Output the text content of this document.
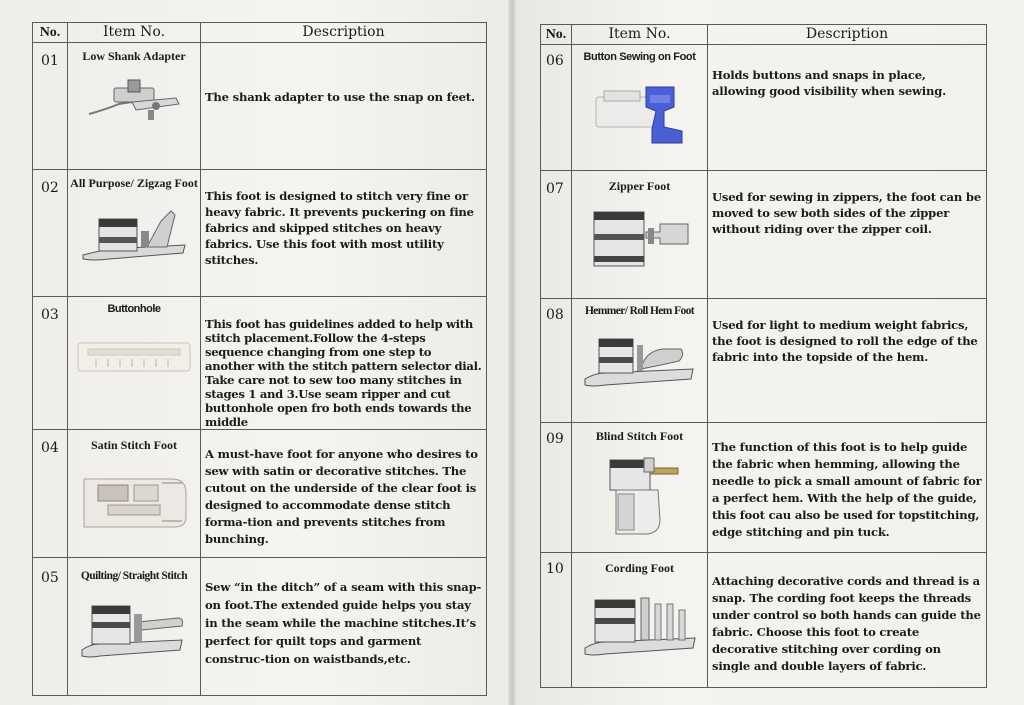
No.	Item No.	Description
01	Low Shank Adapter	The shank adapter to use the snap on feet.

02	All Purpose/ Zigzag Foot	This foot is designed to stitch very fine or heavy fabric. It prevents puckering on fine fabrics and skipped stitches on heavy fabrics. Use this foot with most utility stitches.

03	Buttonhole	This foot has guidelines added to help with stitch placement.Follow the 4-steps sequence changing from one step to another with the stitch pattern selector dial. Take care not to sew too many stitches in stages 1 and 3.Use seam ripper and cut buttonhole open fro both ends towards the middle

04	Satin Stitch Foot	A must-have foot for anyone who desires to sew with satin or decorative stitches. The cutout on the underside of the clear foot is designed to accommodate dense stitch forma-tion and prevents stitches from bunching.

05	Quilting/ Straight Stitch	Sew “in the ditch” of a seam with this snap-on foot.The extended guide helps you stay in the seam while the machine stitches.It’s perfect for quilt tops and garment construc-tion on waistbands,etc.
No.	Item No.	Description
06	Button Sewing on Foot	Holds buttons and snaps in place, allowing good visibility when sewing.

07	Zipper Foot	Used for sewing in zippers, the foot can be moved to sew both sides of the zipper without riding over the zipper coil.

08	Hemmer/ Roll Hem Foot	Used for light to medium weight fabrics, the foot is designed to roll the edge of the fabric into the topside of the hem.

09	Blind Stitch Foot	The function of this foot is to help guide the fabric when hemming, allowing the needle to pick a small amount of fabric for a perfect hem. With the help of the guide, this foot cau also be used for topstitching, edge stitching and pin tuck.

10	Cording Foot	Attaching decorative cords and thread is a snap. The cording foot keeps the threads under control so both hands can guide the fabric. Choose this foot to create decorative stitching over cording on single and double layers of fabric.
